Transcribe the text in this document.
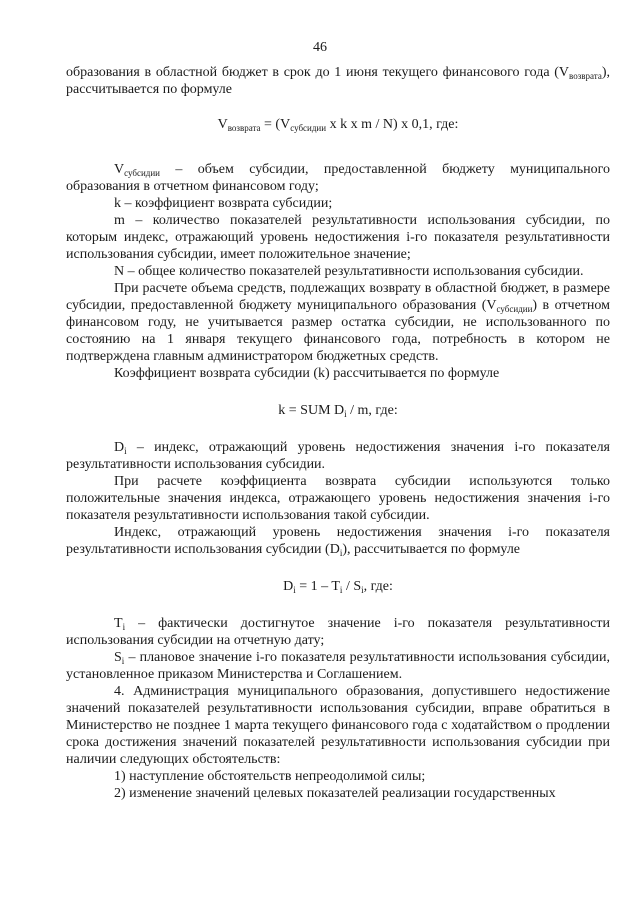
46

образования в областной бюджет в срок до 1 июня текущего финансового года $(V_{возврата})$, рассчитывается по формуле

$V_{возврата} = (V_{субсидии}$ x k x m / N) x 0,1, где:

$V_{субсидии}$ – объем субсидии, предоставленной бюджету муниципального образования в отчетном финансовом году;

k – коэффициент возврата субсидии;

m – количество показателей результативности использования субсидии, по которым индекс, отражающий уровень недостижения i-го показателя результативности использования субсидии, имеет положительное значение;

N – общее количество показателей результативности использования субсидии.

При расчете объема средств, подлежащих возврату в областной бюджет, в размере субсидии, предоставленной бюджету муниципального образования $(V_{субсидии})$ в отчетном финансовом году, не учитывается размер остатка субсидии, не использованного по состоянию на 1 января текущего финансового года, потребность в котором не подтверждена главным администратором бюджетных средств.

Коэффициент возврата субсидии (k) рассчитывается по формуле

k = SUM $D_i$ / m, где:

$D_i$ – индекс, отражающий уровень недостижения значения i-го показателя результативности использования субсидии.

При расчете коэффициента возврата субсидии используются только положительные значения индекса, отражающего уровень недостижения значения i-го показателя результативности использования такой субсидии.

Индекс, отражающий уровень недостижения значения i-го показателя результативности использования субсидии $(D_i)$, рассчитывается по формуле

$D_i = 1 - T_i / S_i$, где:

$T_i$ – фактически достигнутое значение i-го показателя результативности использования субсидии на отчетную дату;

$S_i$ – плановое значение i-го показателя результативности использования субсидии, установленное приказом Министерства и Соглашением.

4. Администрация муниципального образования, допустившего недостижение значений показателей результативности использования субсидии, вправе обратиться в Министерство не позднее 1 марта текущего финансового года с ходатайством о продлении срока достижения значений показателей результативности использования субсидии при наличии следующих обстоятельств:

1) наступление обстоятельств непреодолимой силы;

2) изменение значений целевых показателей реализации государственных
